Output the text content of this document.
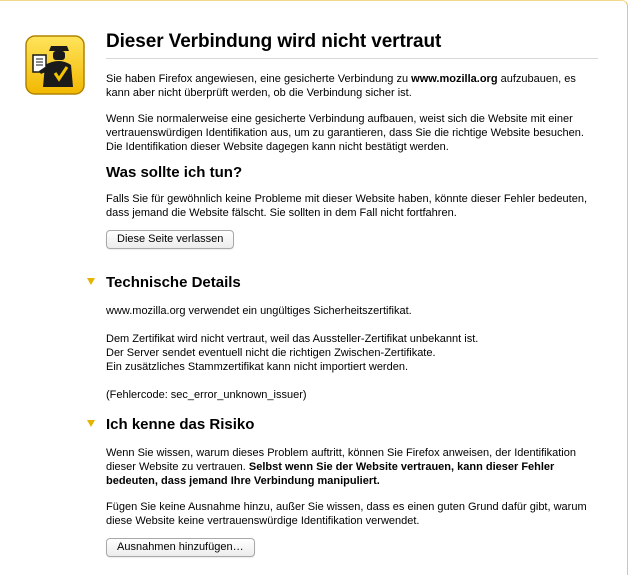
Dieser Verbindung wird nicht vertraut

Sie haben Firefox angewiesen, eine gesicherte Verbindung zu www.mozilla.org aufzubauen, es kann aber nicht überprüft werden, ob die Verbindung sicher ist.

Wenn Sie normalerweise eine gesicherte Verbindung aufbauen, weist sich die Website mit einer vertrauenswürdigen Identifikation aus, um zu garantieren, dass Sie die richtige Website besuchen. Die Identifikation dieser Website dagegen kann nicht bestätigt werden.

Was sollte ich tun?

Falls Sie für gewöhnlich keine Probleme mit dieser Website haben, könnte dieser Fehler bedeuten, dass jemand die Website fälscht. Sie sollten in dem Fall nicht fortfahren.

Diese Seite verlassen
Technische Details

www.mozilla.org verwendet ein ungültiges Sicherheitszertifikat.

Dem Zertifikat wird nicht vertraut, weil das Aussteller-Zertifikat unbekannt ist.
Der Server sendet eventuell nicht die richtigen Zwischen-Zertifikate.
Ein zusätzliches Stammzertifikat kann nicht importiert werden.

(Fehlercode: sec_error_unknown_issuer)

Ich kenne das Risiko

Wenn Sie wissen, warum dieses Problem auftritt, können Sie Firefox anweisen, der Identifikation dieser Website zu vertrauen. Selbst wenn Sie der Website vertrauen, kann dieser Fehler bedeuten, dass jemand Ihre Verbindung manipuliert.

Fügen Sie keine Ausnahme hinzu, außer Sie wissen, dass es einen guten Grund dafür gibt, warum diese Website keine vertrauenswürdige Identifikation verwendet.

Ausnahmen hinzufügen…
